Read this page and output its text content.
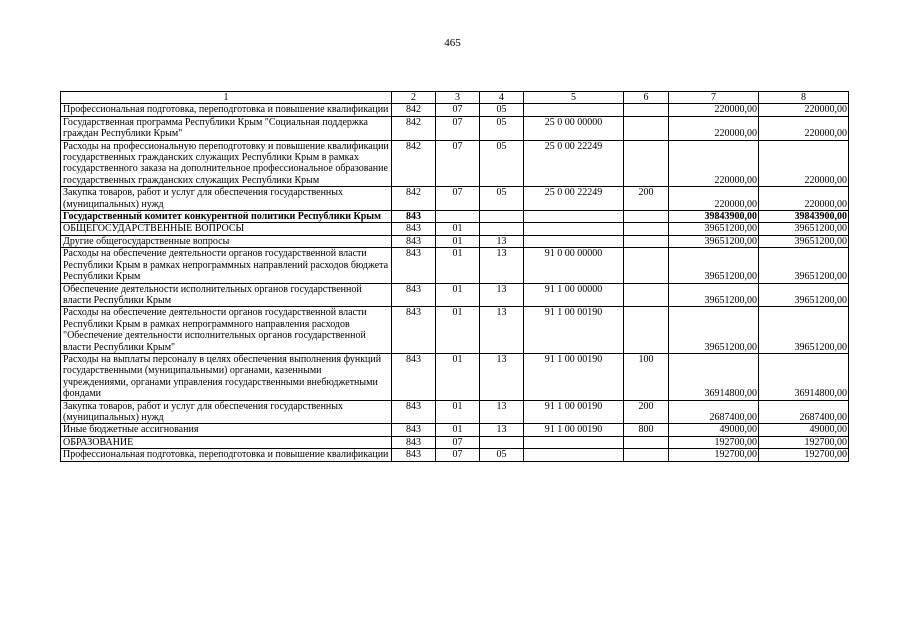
465
1	2	3	4	5	6	7	8
Профессиональная подготовка, переподготовка и повышение квалификации	842	07	05			220000,00	220000,00
Государственная программа Республики Крым "Социальная поддержка граждан Республики Крым"	842	07	05	25 0 00 00000		220000,00	220000,00
Расходы на профессиональную переподготовку и повышение квалификации государственных гражданских служащих Республики Крым в рамках государственного заказа на дополнительное профессиональное образование государственных гражданских служащих Республики Крым	842	07	05	25 0 00 22249		220000,00	220000,00
Закупка товаров, работ и услуг для обеспечения государственных (муниципальных) нужд	842	07	05	25 0 00 22249	200	220000,00	220000,00
Государственный комитет конкурентной политики Республики Крым	843					39843900,00	39843900,00
ОБЩЕГОСУДАРСТВЕННЫЕ ВОПРОСЫ	843	01				39651200,00	39651200,00
Другие общегосударственные вопросы	843	01	13			39651200,00	39651200,00
Расходы на обеспечение деятельности органов государственной власти Республики Крым в рамках непрограммных направлений расходов бюджета Республики Крым	843	01	13	91 0 00 00000		39651200,00	39651200,00
Обеспечение деятельности исполнительных органов государственной власти Республики Крым	843	01	13	91 1 00 00000		39651200,00	39651200,00
Расходы на обеспечение деятельности органов государственной власти Республики Крым в рамках непрограммного направления расходов "Обеспечение деятельности исполнительных органов государственной власти Республики Крым"	843	01	13	91 1 00 00190		39651200,00	39651200,00
Расходы на выплаты персоналу в целях обеспечения выполнения функций государственными (муниципальными) органами, казенными учреждениями, органами управления государственными внебюджетными фондами	843	01	13	91 1 00 00190	100	36914800,00	36914800,00
Закупка товаров, работ и услуг для обеспечения государственных (муниципальных) нужд	843	01	13	91 1 00 00190	200	2687400,00	2687400,00
Иные бюджетные ассигнования	843	01	13	91 1 00 00190	800	49000,00	49000,00
ОБРАЗОВАНИЕ	843	07				192700,00	192700,00
Профессиональная подготовка, переподготовка и повышение квалификации	843	07	05			192700,00	192700,00
